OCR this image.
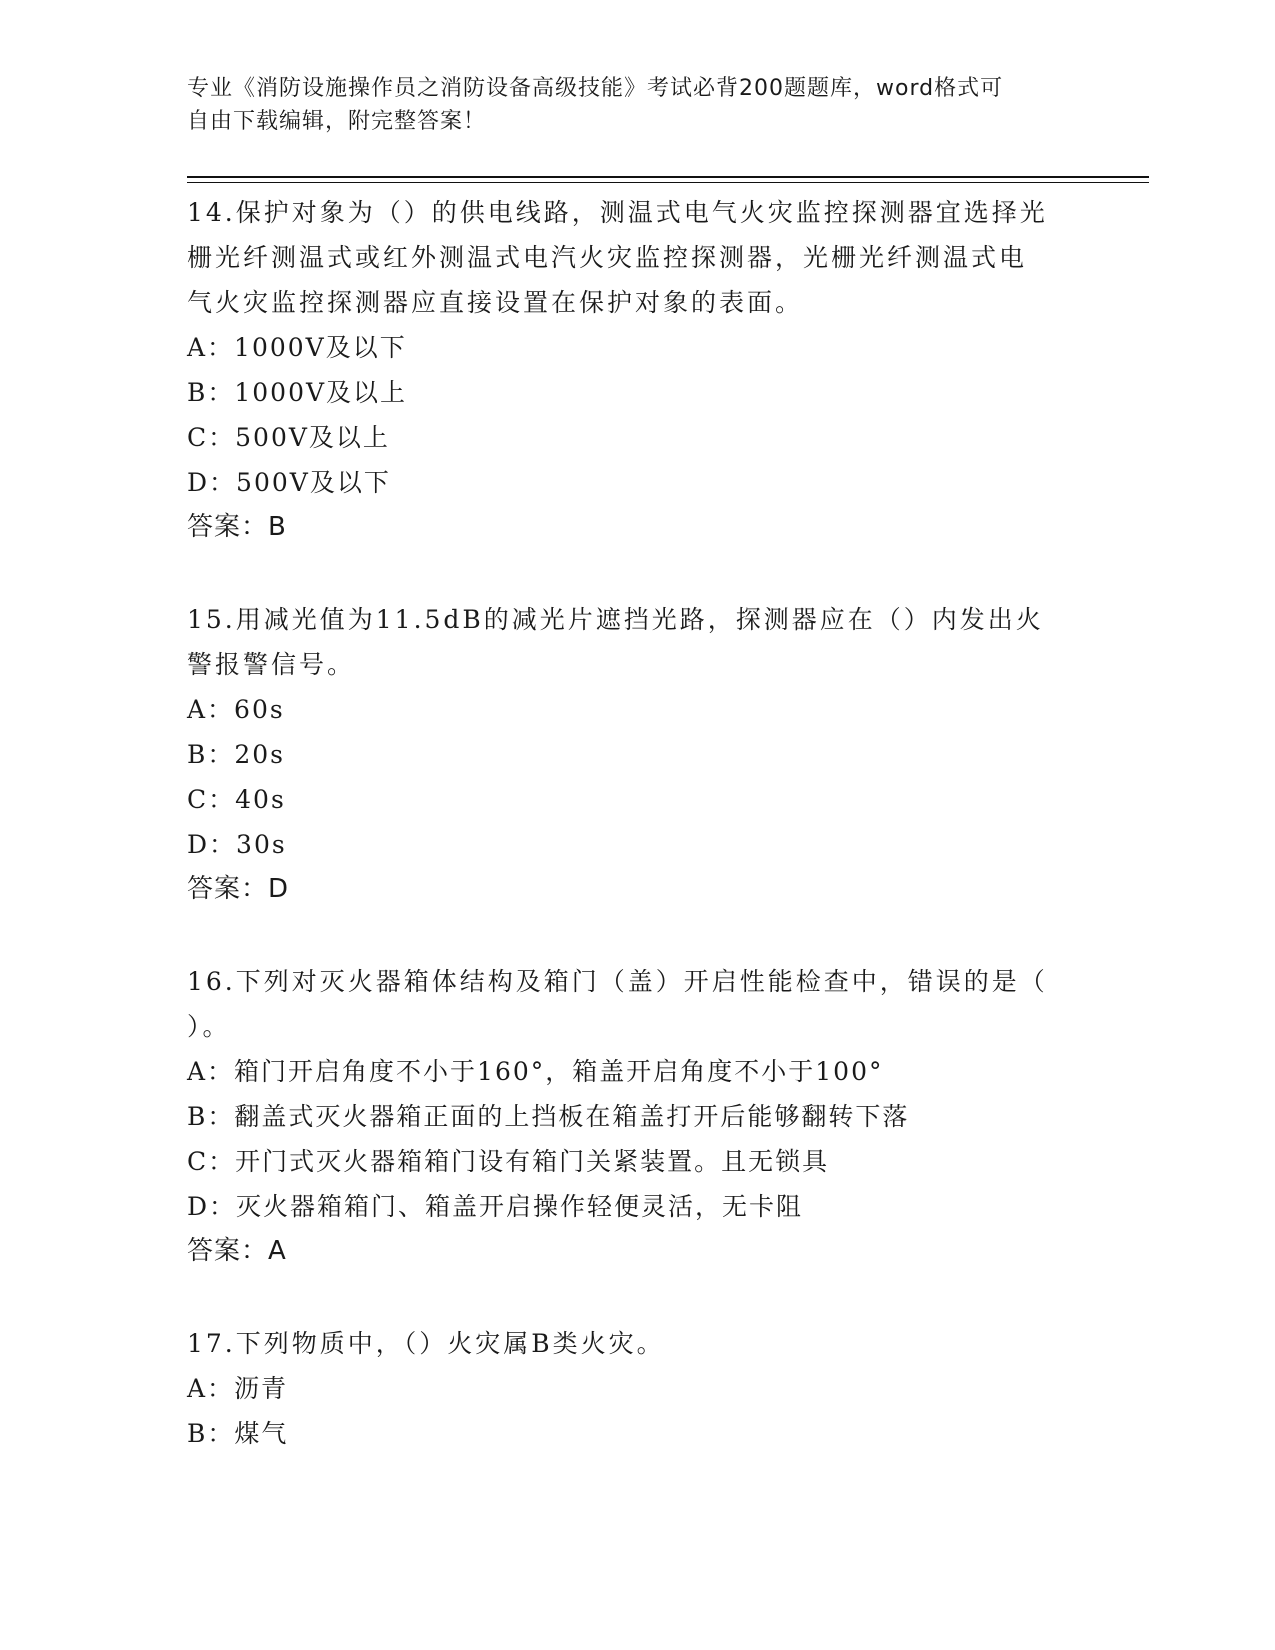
专业《消防设施操作员之消防设备高级技能》考试必背200题题库，word格式可
自由下载编辑，附完整答案！

14.保护对象为（）的供电线路，测温式电气火灾监控探测器宜选择光

栅光纤测温式或红外测温式电汽火灾监控探测器，光栅光纤测温式电

气火灾监控探测器应直接设置在保护对象的表面。

A：1000V及以下

B：1000V及以上

C：500V及以上

D：500V及以下

答案：B

15.用减光值为11.5dB的减光片遮挡光路，探测器应在（）内发出火

警报警信号。

A：60s

B：20s

C：40s

D：30s

答案：D

16.下列对灭火器箱体结构及箱门（盖）开启性能检查中，错误的是（

）。

A：箱门开启角度不小于160°，箱盖开启角度不小于100°

B：翻盖式灭火器箱正面的上挡板在箱盖打开后能够翻转下落

C：开门式灭火器箱箱门设有箱门关紧装置。且无锁具

D：灭火器箱箱门、箱盖开启操作轻便灵活，无卡阻

答案：A

17.下列物质中，（）火灾属B类火灾。

A：沥青

B：煤气
